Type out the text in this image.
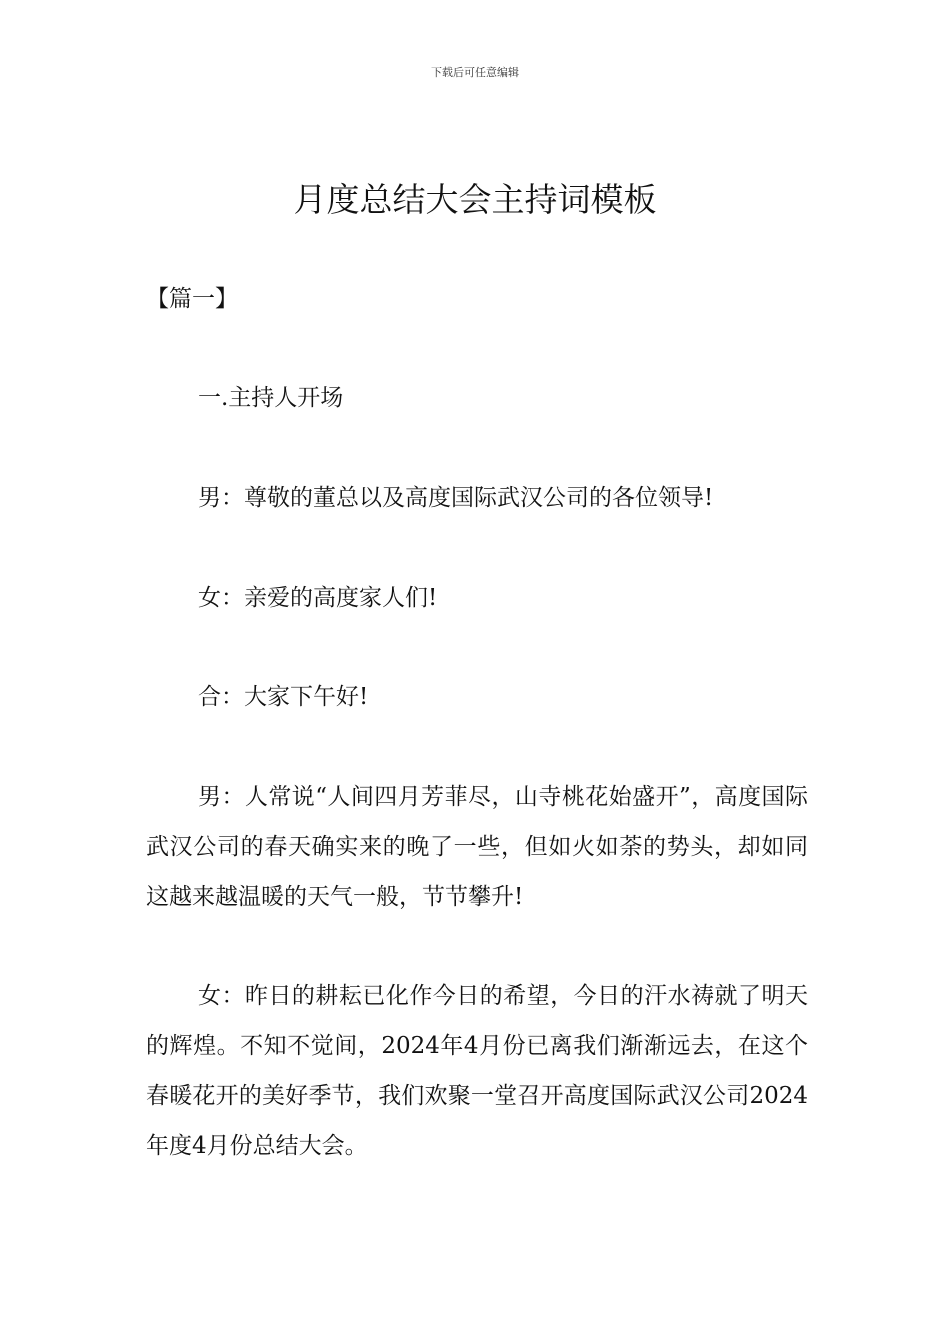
下载后可任意编辑
月度总结大会主持词模板
【篇一】

一.主持人开场

男：尊敬的董总以及高度国际武汉公司的各位领导!

女：亲爱的高度家人们!

合：大家下午好!

男：人常说“人间四月芳菲尽，山寺桃花始盛开”，高度国际武汉公司的春天确实来的晚了一些，但如火如荼的势头，却如同这越来越温暖的天气一般，节节攀升!

女：昨日的耕耘已化作今日的希望，今日的汗水祷就了明天的辉煌。不知不觉间，2024年4月份已离我们渐渐远去，在这个春暖花开的美好季节，我们欢聚一堂召开高度国际武汉公司2024年度4月份总结大会。
